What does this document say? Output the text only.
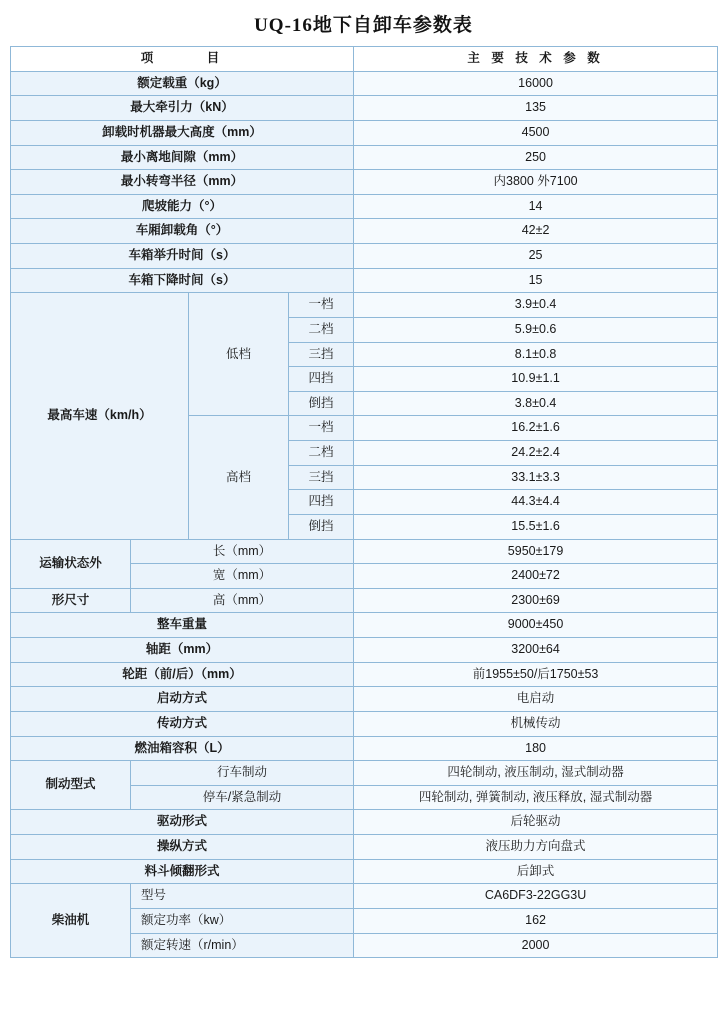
UQ-16地下自卸车参数表
项　　　目				主 要 技 术 参 数
额定载重（kg）				16000
最大牵引力（kN）				135
卸载时机器最大高度（mm）				4500
最小离地间隙（mm）				250
最小转弯半径（mm）				内3800 外7100
爬坡能力（°）				14
车厢卸载角（°）				42±2
车箱举升时间（s）				25
车箱下降时间（s）				15
最高车速（km/h）		低档	一档	3.9±0.4
			二档	5.9±0.6
			三挡	8.1±0.8
			四挡	10.9±1.1
			倒挡	3.8±0.4
		高档	一档	16.2±1.6
			二档	24.2±2.4
			三挡	33.1±3.3
			四挡	44.3±4.4
			倒挡	15.5±1.6

运输状态外	长（mm）			5950±179
	宽（mm）			2400±72
形尺寸	高（mm）			2300±69
整车重量				9000±450
轴距（mm）				3200±64
轮距（前/后）（mm）				前1955±50/后1750±53
启动方式				电启动
传动方式				机械传动
燃油箱容积（L）				180
制动型式	行车制动			四轮制动, 液压制动, 湿式制动器
	停车/紧急制动			四轮制动, 弹簧制动, 液压释放, 湿式制动器
驱动形式				后轮驱动
操纵方式				液压助力方向盘式
料斗倾翻形式				后卸式
柴油机	型号			CA6DF3-22GG3U
	额定功率（kw）			162
	额定转速（r/min）			2000
